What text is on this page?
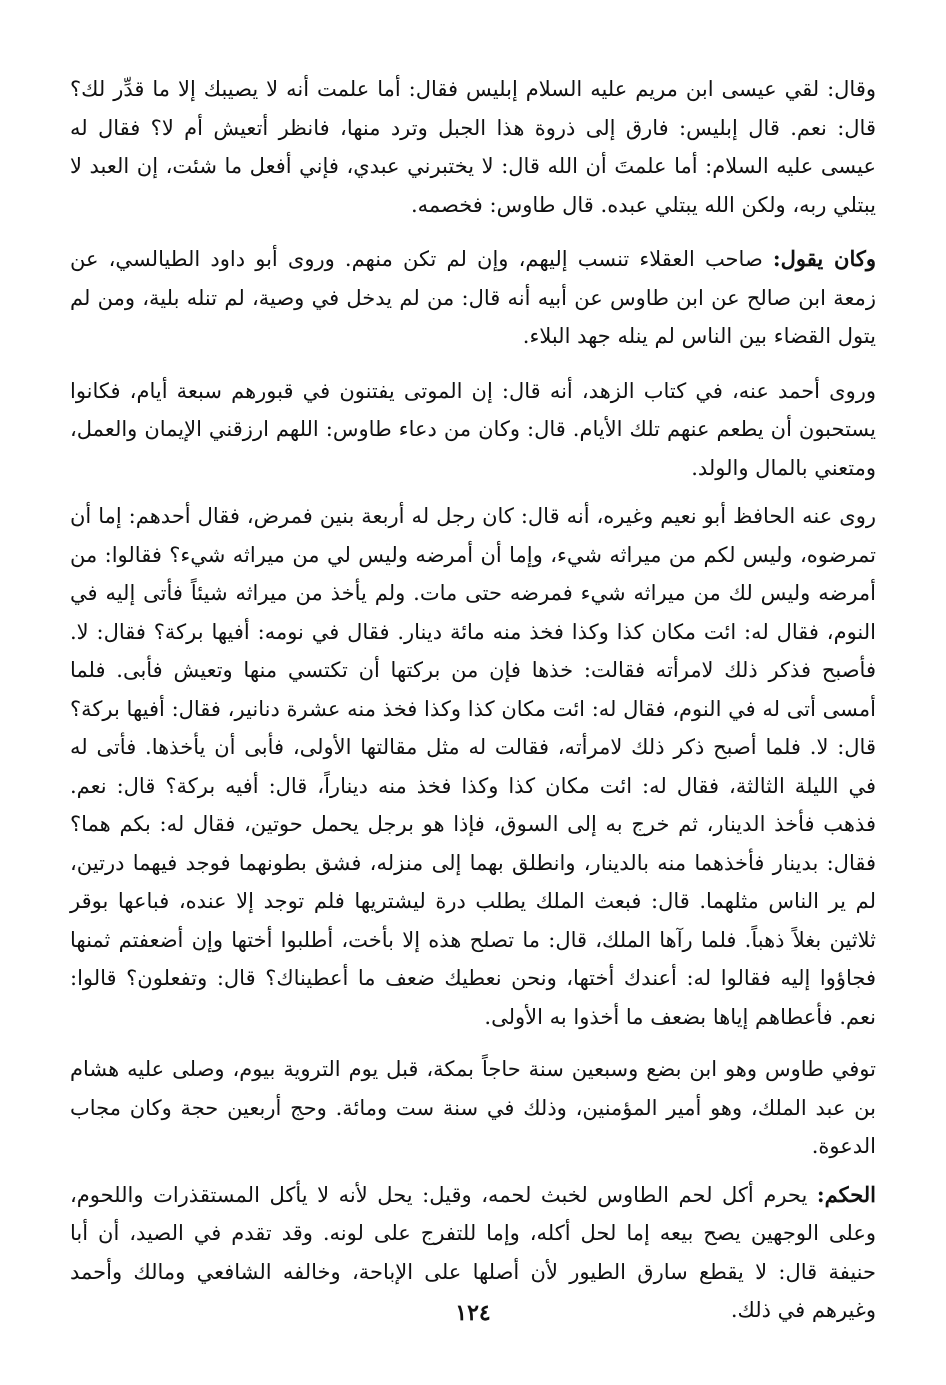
وقال: لقي عيسى ابن مريم عليه السلام إبليس فقال: أما علمت أنه لا يصيبك إلا ما قدِّر لك؟ قال: نعم. قال إبليس: فارق إلى ذروة هذا الجبل وترد منها، فانظر أتعيش أم لا؟ فقال له عيسى عليه السلام: أما علمتَ أن الله قال: لا يختبرني عبدي، فإني أفعل ما شئت، إن العبد لا يبتلي ربه، ولكن الله يبتلي عبده. قال طاوس: فخصمه.

وكان يقول: صاحب العقلاء تنسب إليهم، وإن لم تكن منهم. وروى أبو داود الطيالسي، عن زمعة ابن صالح عن ابن طاوس عن أبيه أنه قال: من لم يدخل في وصية، لم تنله بلية، ومن لم يتول القضاء بين الناس لم ينله جهد البلاء.

وروى أحمد عنه، في كتاب الزهد، أنه قال: إن الموتى يفتنون في قبورهم سبعة أيام، فكانوا يستحبون أن يطعم عنهم تلك الأيام. قال: وكان من دعاء طاوس: اللهم ارزقني الإيمان والعمل، ومتعني بالمال والولد.

روى عنه الحافظ أبو نعيم وغيره، أنه قال: كان رجل له أربعة بنين فمرض، فقال أحدهم: إما أن تمرضوه، وليس لكم من ميراثه شيء، وإما أن أمرضه وليس لي من ميراثه شيء؟ فقالوا: من أمرضه وليس لك من ميراثه شيء فمرضه حتى مات. ولم يأخذ من ميراثه شيئاً فأتى إليه في النوم، فقال له: ائت مكان كذا وكذا فخذ منه مائة دينار. فقال في نومه: أفيها بركة؟ فقال: لا. فأصبح فذكر ذلك لامرأته فقالت: خذها فإن من بركتها أن تكتسي منها وتعيش فأبى. فلما أمسى أتى له في النوم، فقال له: ائت مكان كذا وكذا فخذ منه عشرة دنانير، فقال: أفيها بركة؟ قال: لا. فلما أصبح ذكر ذلك لامرأته، فقالت له مثل مقالتها الأولى، فأبى أن يأخذها. فأتى له في الليلة الثالثة، فقال له: ائت مكان كذا وكذا فخذ منه ديناراً، قال: أفيه بركة؟ قال: نعم. فذهب فأخذ الدينار، ثم خرج به إلى السوق، فإذا هو برجل يحمل حوتين، فقال له: بكم هما؟ فقال: بدينار فأخذهما منه بالدينار، وانطلق بهما إلى منزله، فشق بطونهما فوجد فيهما درتين، لم ير الناس مثلهما. قال: فبعث الملك يطلب درة ليشتريها فلم توجد إلا عنده، فباعها بوقر ثلاثين بغلاً ذهباً. فلما رآها الملك، قال: ما تصلح هذه إلا بأخت، أطلبوا أختها وإن أضعفتم ثمنها فجاؤوا إليه فقالوا له: أعندك أختها، ونحن نعطيك ضعف ما أعطيناك؟ قال: وتفعلون؟ قالوا: نعم. فأعطاهم إياها بضعف ما أخذوا به الأولى.

توفي طاوس وهو ابن بضع وسبعين سنة حاجاً بمكة، قبل يوم التروية بيوم، وصلى عليه هشام بن عبد الملك، وهو أمير المؤمنين، وذلك في سنة ست ومائة. وحج أربعين حجة وكان مجاب الدعوة.

الحكم: يحرم أكل لحم الطاوس لخبث لحمه، وقيل: يحل لأنه لا يأكل المستقذرات واللحوم، وعلى الوجهين يصح بيعه إما لحل أكله، وإما للتفرج على لونه. وقد تقدم في الصيد، أن أبا حنيفة قال: لا يقطع سارق الطيور لأن أصلها على الإباحة، وخالفه الشافعي ومالك وأحمد وغيرهم في ذلك.

١٢٤
